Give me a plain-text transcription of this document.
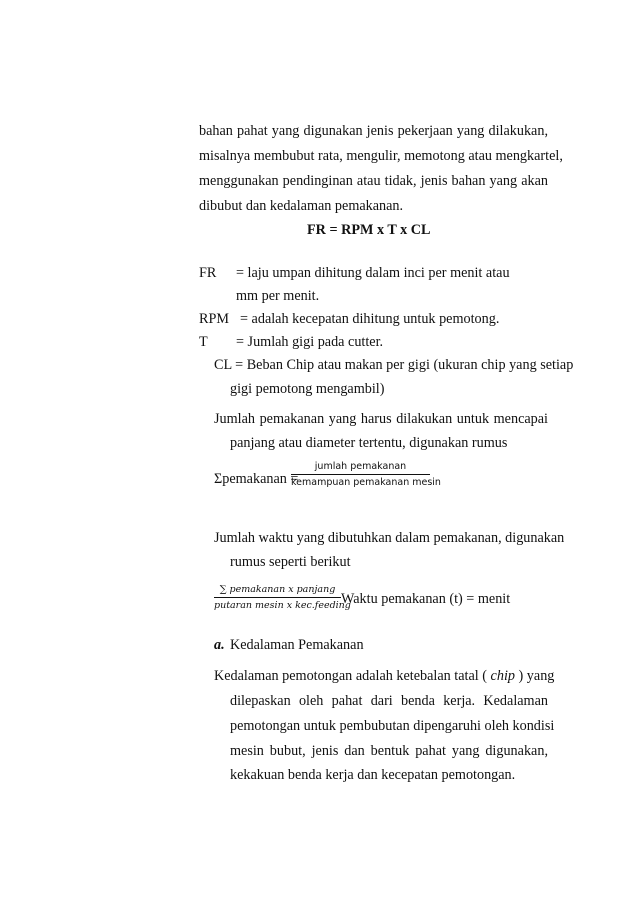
bahan pahat yang digunakan jenis pekerjaan yang dilakukan,
misalnya membubut rata, mengulir, memotong atau mengkartel,
menggunakan pendinginan atau tidak, jenis bahan yang akan
dibubut dan kedalaman pemakanan.
FR = RPM x T x CL
FR = laju umpan dihitung dalam inci per menit atau
mm per menit.
RPM = adalah kecepatan dihitung untuk pemotong.
T = Jumlah gigi pada cutter.
CL = Beban Chip atau makan per gigi (ukuran chip yang setiap
gigi pemotong mengambil)
Jumlah pemakanan yang harus dilakukan untuk mencapai
panjang atau diameter tertentu, digunakan rumus
Σpemakanan =
jumlah pemakanan
kemampuan pemakanan mesin
Jumlah waktu yang dibutuhkan dalam pemakanan, digunakan
rumus seperti berikut
∑ pemakanan x panjang
putaran mesin x kec.feeding
Waktu pemakanan (t) = menit
a. Kedalaman Pemakanan
Kedalaman pemotongan adalah ketebalan tatal ( chip ) yang
dilepaskan oleh pahat dari benda kerja. Kedalaman
pemotongan untuk pembubutan dipengaruhi oleh kondisi
mesin bubut, jenis dan bentuk pahat yang digunakan,
kekakuan benda kerja dan kecepatan pemotongan.
